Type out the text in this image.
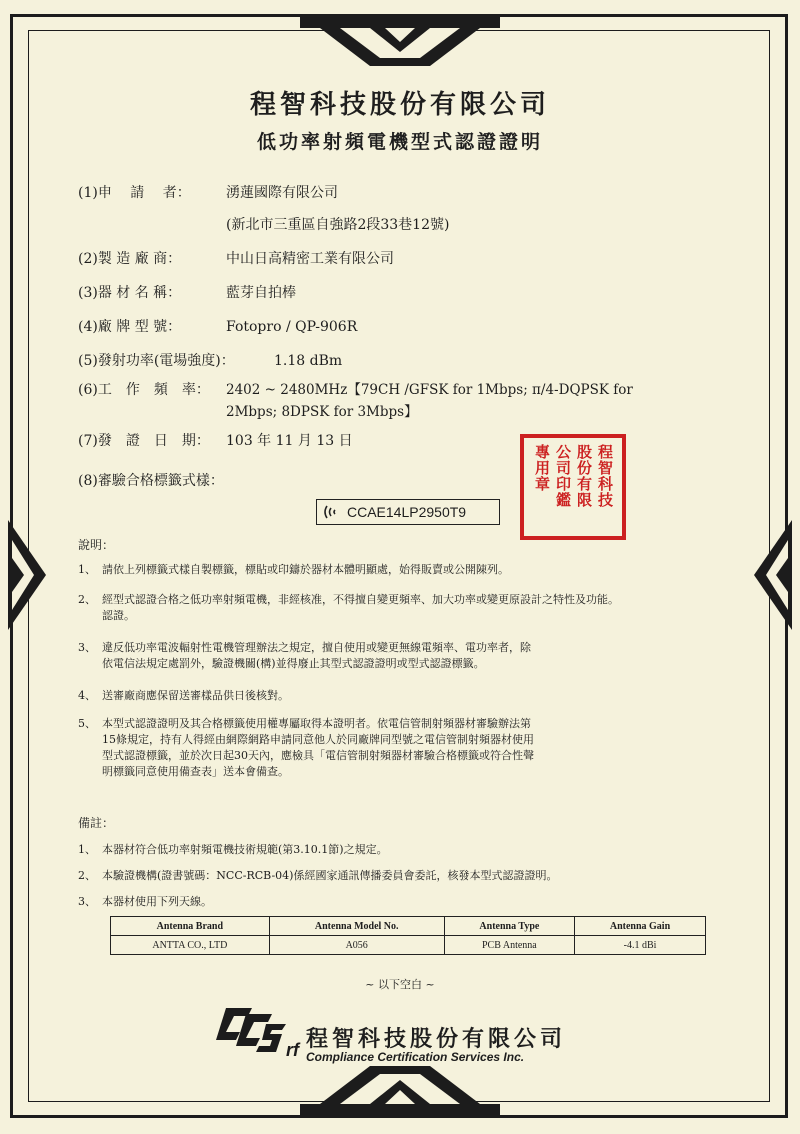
程智科技股份有限公司
低功率射頻電機型式認證證明
(1)申　 請　 者：	湧蓮國際有限公司
(新北市三重區自強路2段33巷12號)
(2)製 造 廠 商：	中山日高精密工業有限公司
(3)器 材 名 稱：	藍芽自拍棒
(4)廠 牌 型 號：	Fotopro / QP-906R
(5)發射功率(電場強度)：	1.18 dBm
(6)工　作　頻　率： 2402 ~ 2480MHz【79CH /GFSK for 1Mbps; π/4-DQPSK for
2Mbps; 8DPSK for 3Mbps】
(7)發　證　日　期： 103 年 11 月 13 日
(8)審驗合格標籤式樣：
CCAE14LP2950T9
程智科技
股份有限
公司印鑑
專用章
說明：
1、 請依上列標籤式樣自製標籤，標貼或印鑄於器材本體明顯處，始得販賣或公開陳列。
2、 經型式認證合格之低功率射頻電機，非經核准，不得擅自變更頻率、加大功率或變更原設計之特性及功能。
認證。
3、 違反低功率電波輻射性電機管理辦法之規定，擅自使用或變更無線電頻率、電功率者，除
依電信法規定處罰外，驗證機關(構)並得廢止其型式認證證明或型式認證標籤。
4、 送審廠商應保留送審樣品供日後核對。
5、 本型式認證證明及其合格標籤使用權專屬取得本證明者。依電信管制射頻器材審驗辦法第
15條規定，持有人得經由網際網路申請同意他人於同廠牌同型號之電信管制射頻器材使用
型式認證標籤，並於次日起30天內，應檢具「電信管制射頻器材審驗合格標籤或符合性聲
明標籤同意使用備查表」送本會備查。
備註：
1、 本器材符合低功率射頻電機技術規範(第3.10.1節)之規定。
2、 本驗證機構(證書號碼：NCC-RCB-04)係經國家通訊傳播委員會委託，核發本型式認證證明。
3、 本器材使用下列天線。
Antenna Brand	Antenna Model No.	Antenna Type	Antenna Gain
ANTTA CO., LTD	A056	PCB Antenna	-4.1 dBi
~ 以下空白 ~
rf 程智科技股份有限公司
Compliance Certification Services Inc.
